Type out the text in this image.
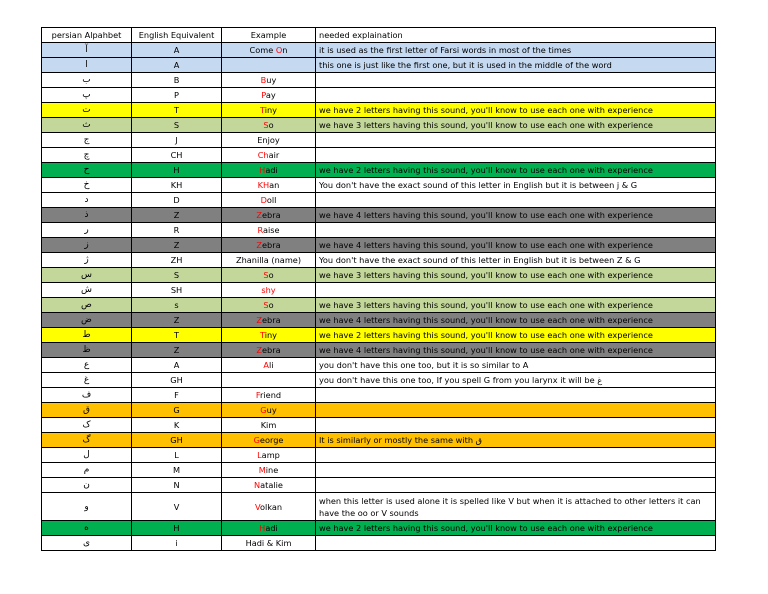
persian Alpahbet	English Equivalent	Example	needed explaination
آ	A	Come On	it is used as the first letter of Farsi words in most of the times
ا	A		this one is just like the first one, but it is used in the middle of the word
ب	B	Buy	
پ	P	Pay	
ت	T	Tiny	we have 2 letters having this sound, you'll know to use each one with experience
ث	S	So	we have 3 letters having this sound, you'll know to use each one with experience
ج	J	Enjoy	
چ	CH	Chair	
ح	H	Hadi	we have 2 letters having this sound, you'll know to use each one with experience
خ	KH	KHan	You don't have the exact sound of this letter in English but it is between j & G
د	D	Doll	
ذ	Z	Zebra	we have 4 letters having this sound, you'll know to use each one with experience
ر	R	Raise	
ز	Z	Zebra	we have 4 letters having this sound, you'll know to use each one with experience
ژ	ZH	Zhanilla (name)	You don't have the exact sound of this letter in English but it is between Z & G
س	S	So	we have 3 letters having this sound, you'll know to use each one with experience
ش	SH	shy	
ص	s	So	we have 3 letters having this sound, you'll know to use each one with experience
ض	Z	Zebra	we have 4 letters having this sound, you'll know to use each one with experience
ط	T	Tiny	we have 2 letters having this sound, you'll know to use each one with experience
ظ	Z	Zebra	we have 4 letters having this sound, you'll know to use each one with experience
ع	A	Ali	you don't have this one too, but it is so similar to A
غ	GH		you don't have this one too, If you spell G from you larynx it will be غ
ف	F	Friend	
ق	G	Guy	
ک	K	Kim	
گ	GH	George	It is similarly or mostly the same with ق
ل	L	Lamp	
م	M	Mine	
ن	N	Natalie	
و	V	Volkan	when this letter is used alone it is spelled like V but when it is attached to other letters it can have the oo or V sounds
ه	H	Hadi	we have 2 letters having this sound, you'll know to use each one with experience
ی	i	Hadi & Kim	
